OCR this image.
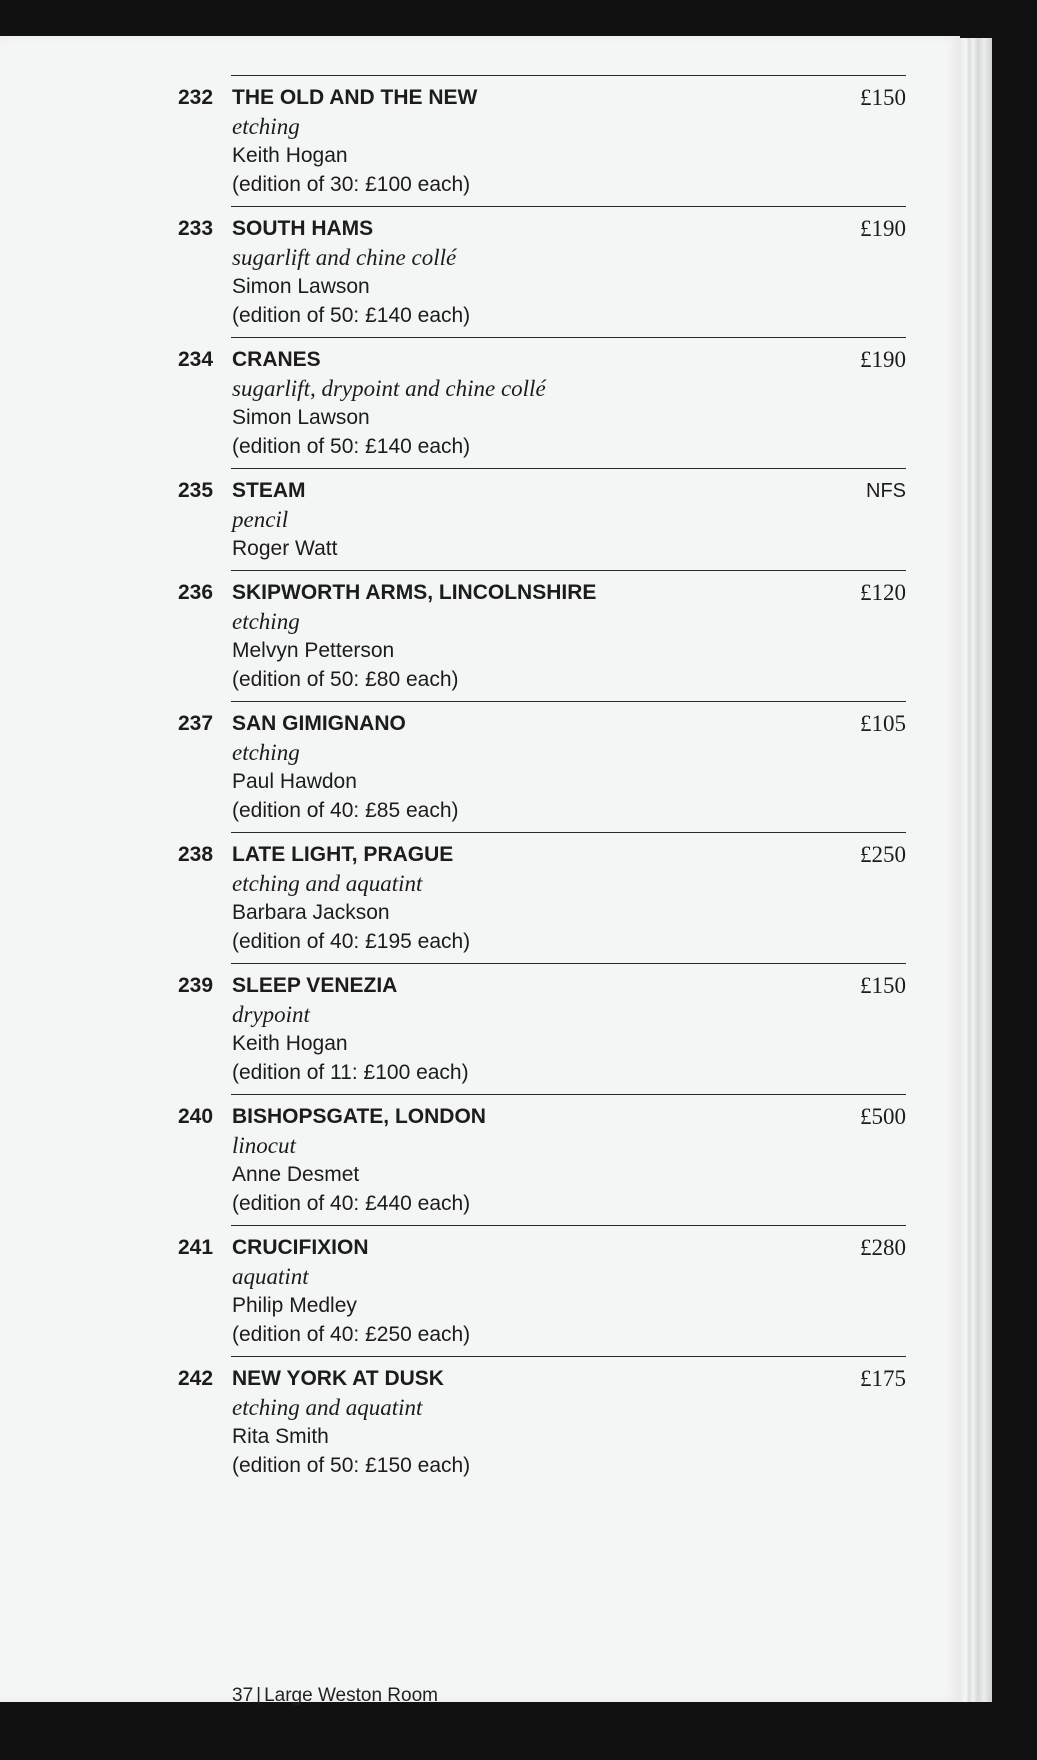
232 THE OLD AND THE NEW
etching
Keith Hogan
(edition of 30: £100 each)
£150
233 SOUTH HAMS
sugarlift and chine collé
Simon Lawson
(edition of 50: £140 each)
£190
234 CRANES
sugarlift, drypoint and chine collé
Simon Lawson
(edition of 50: £140 each)
£190
235 STEAM
pencil
Roger Watt
NFS
236 SKIPWORTH ARMS, LINCOLNSHIRE
etching
Melvyn Petterson
(edition of 50: £80 each)
£120
237 SAN GIMIGNANO
etching
Paul Hawdon
(edition of 40: £85 each)
£105
238 LATE LIGHT, PRAGUE
etching and aquatint
Barbara Jackson
(edition of 40: £195 each)
£250
239 SLEEP VENEZIA
drypoint
Keith Hogan
(edition of 11: £100 each)
£150
240 BISHOPSGATE, LONDON
linocut
Anne Desmet
(edition of 40: £440 each)
£500
241 CRUCIFIXION
aquatint
Philip Medley
(edition of 40: £250 each)
£280
242 NEW YORK AT DUSK
etching and aquatint
Rita Smith
(edition of 50: £150 each)
£175
37 | Large Weston Room
